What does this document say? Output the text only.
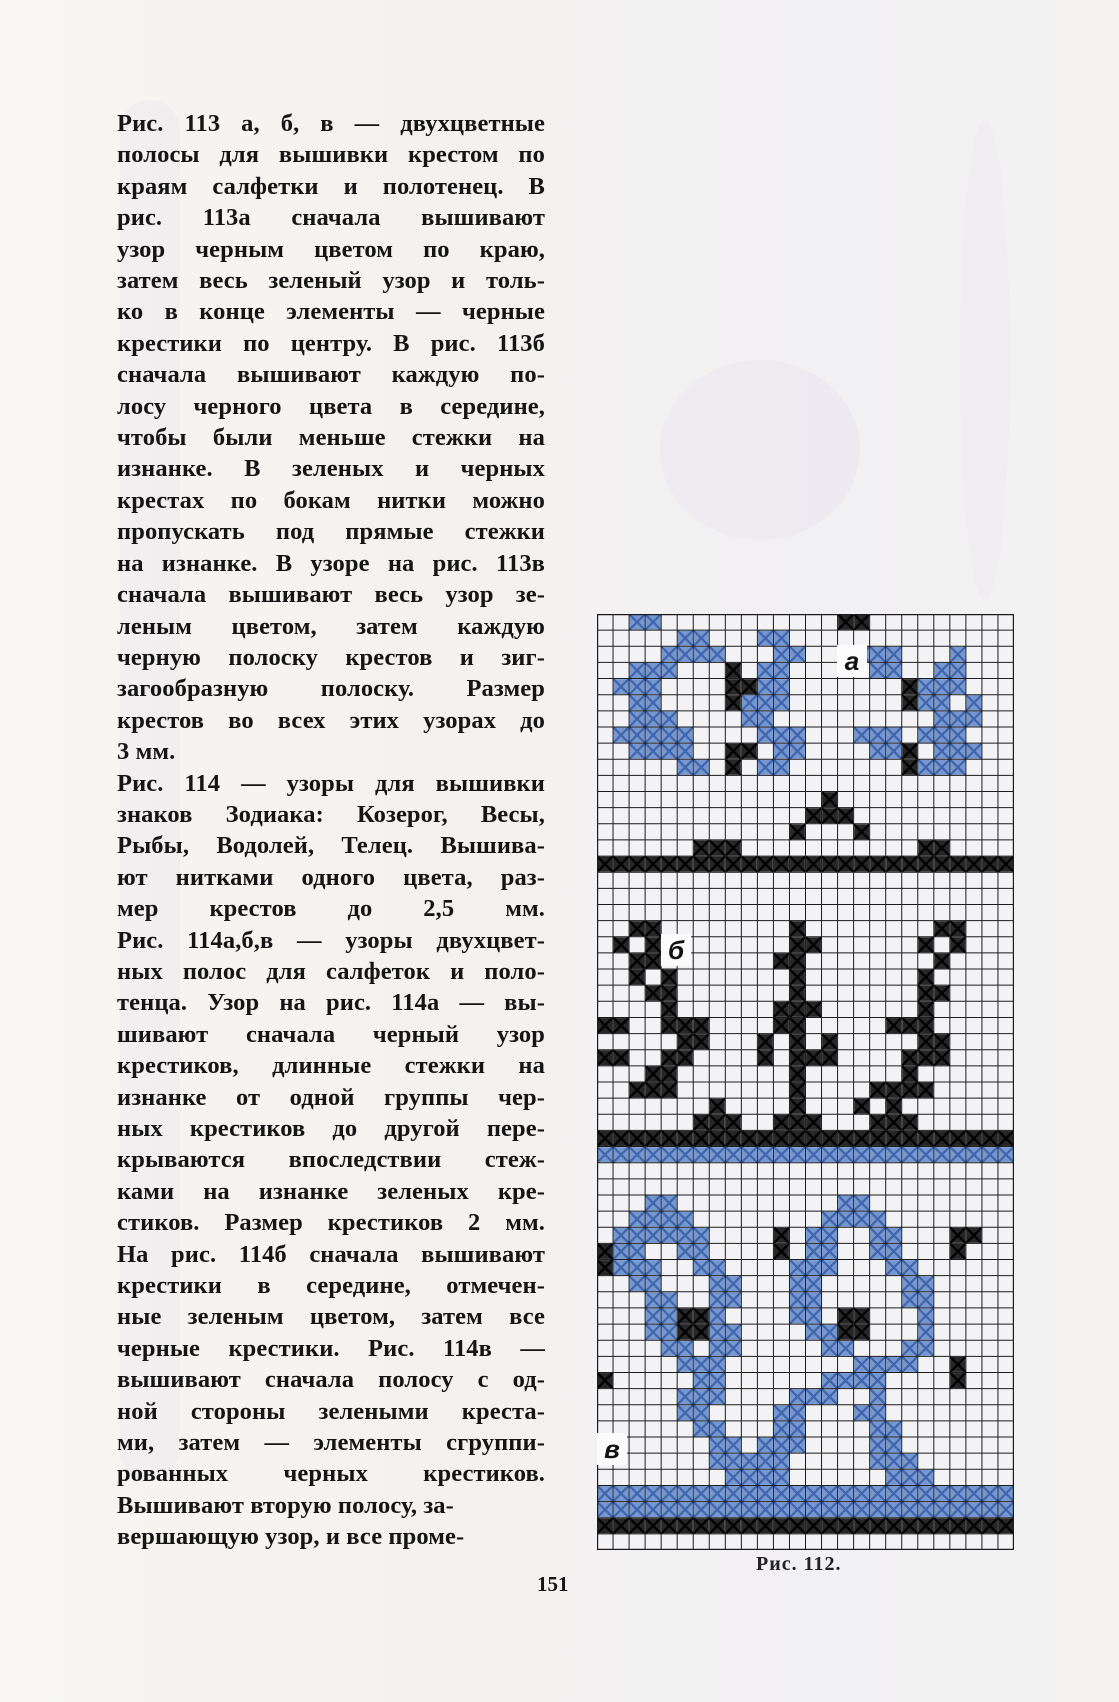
Рис. 113 а, б, в — двухцветные
полосы для вышивки крестом по
краям салфетки и полотенец. В
рис. 113а сначала вышивают
узор черным цветом по краю,
затем весь зеленый узор и толь-
ко в конце элементы — черные
крестики по центру. В рис. 113б
сначала вышивают каждую по-
лосу черного цвета в середине,
чтобы были меньше стежки на
изнанке. В зеленых и черных
крестах по бокам нитки можно
пропускать под прямые стежки
на изнанке. В узоре на рис. 113в
сначала вышивают весь узор зе-
леным цветом, затем каждую
черную полоску крестов и зиг-
загообразную полоску. Размер
крестов во всех этих узорах до
3 мм.
Рис. 114 — узоры для вышивки
знаков Зодиака: Козерог, Весы,
Рыбы, Водолей, Телец. Вышива-
ют нитками одного цвета, раз-
мер крестов до 2,5 мм.
Рис. 114а,б,в — узоры двухцвет-
ных полос для салфеток и поло-
тенца. Узор на рис. 114а — вы-
шивают сначала черный узор
крестиков, длинные стежки на
изнанке от одной группы чер-
ных крестиков до другой пере-
крываются впоследствии стеж-
ками на изнанке зеленых кре-
стиков. Размер крестиков 2 мм.
На рис. 114б сначала вышивают
крестики в середине, отмечен-
ные зеленым цветом, затем все
черные крестики. Рис. 114в —
вышивают сначала полосу с од-
ной стороны зелеными креста-
ми, затем — элементы сгруппи-
рованных черных крестиков.
Вышивают вторую полосу, за-
вершающую узор, и все проме-
а
б
в
Рис. 112.
151
